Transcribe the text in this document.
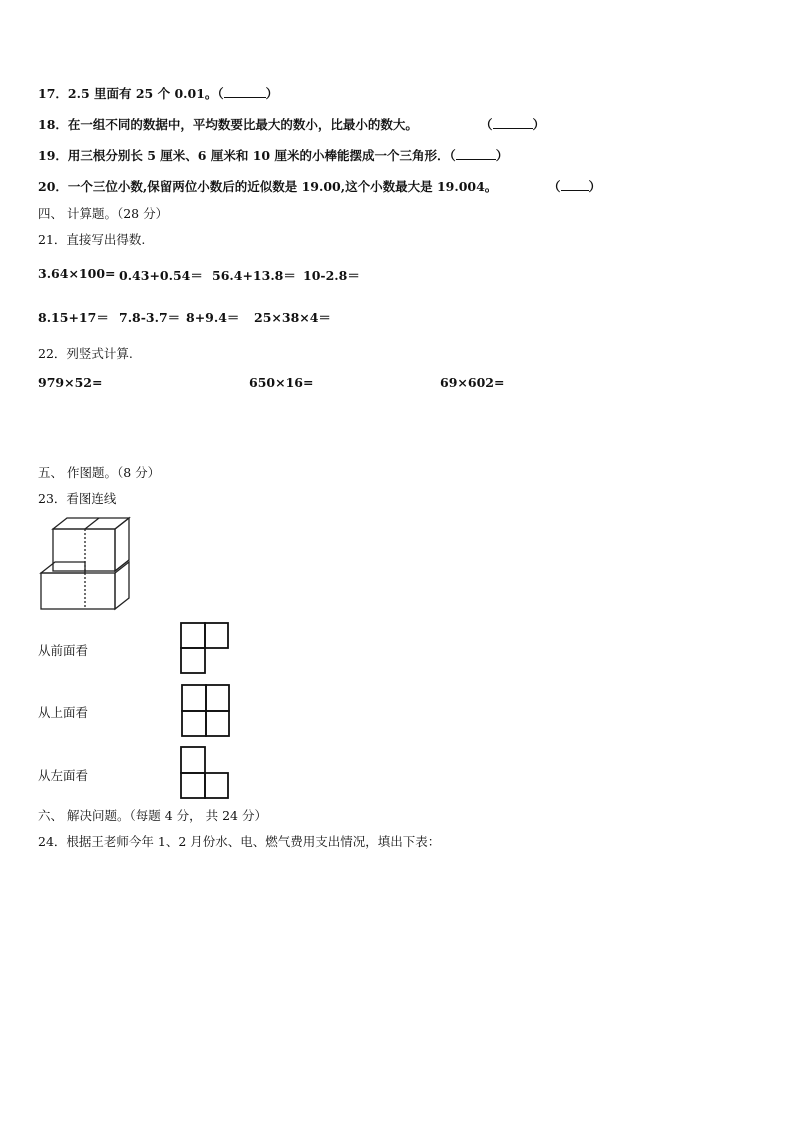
17．2.5 里面有 25 个 0.01。（	）
18．在一组不同的数据中，平均数要比最大的数小，比最小的数大。	（	）
19．用三根分别长 5 厘米、6 厘米和 10 厘米的小棒能摆成一个三角形．（	）
20．一个三位小数,保留两位小数后的近似数是 19.00,这个小数最大是 19.004。	（ ）
四、 计算题。（28 分）
21．直接写出得数.
3.64×100= 0.43+0.54＝ 56.4+13.8＝ 10-2.8＝
8.15+17＝ 7.8-3.7＝ 8+9.4＝ 25×38×4＝
22．列竖式计算.
979×52=	650×16=	69×602=
五、 作图题。（8 分）
23．看图连线
从前面看
从上面看
从左面看
六、 解决问题。（每题 4 分， 共 24 分）
24．根据王老师今年 1、2 月份水、电、燃气费用支出情况，填出下表：
